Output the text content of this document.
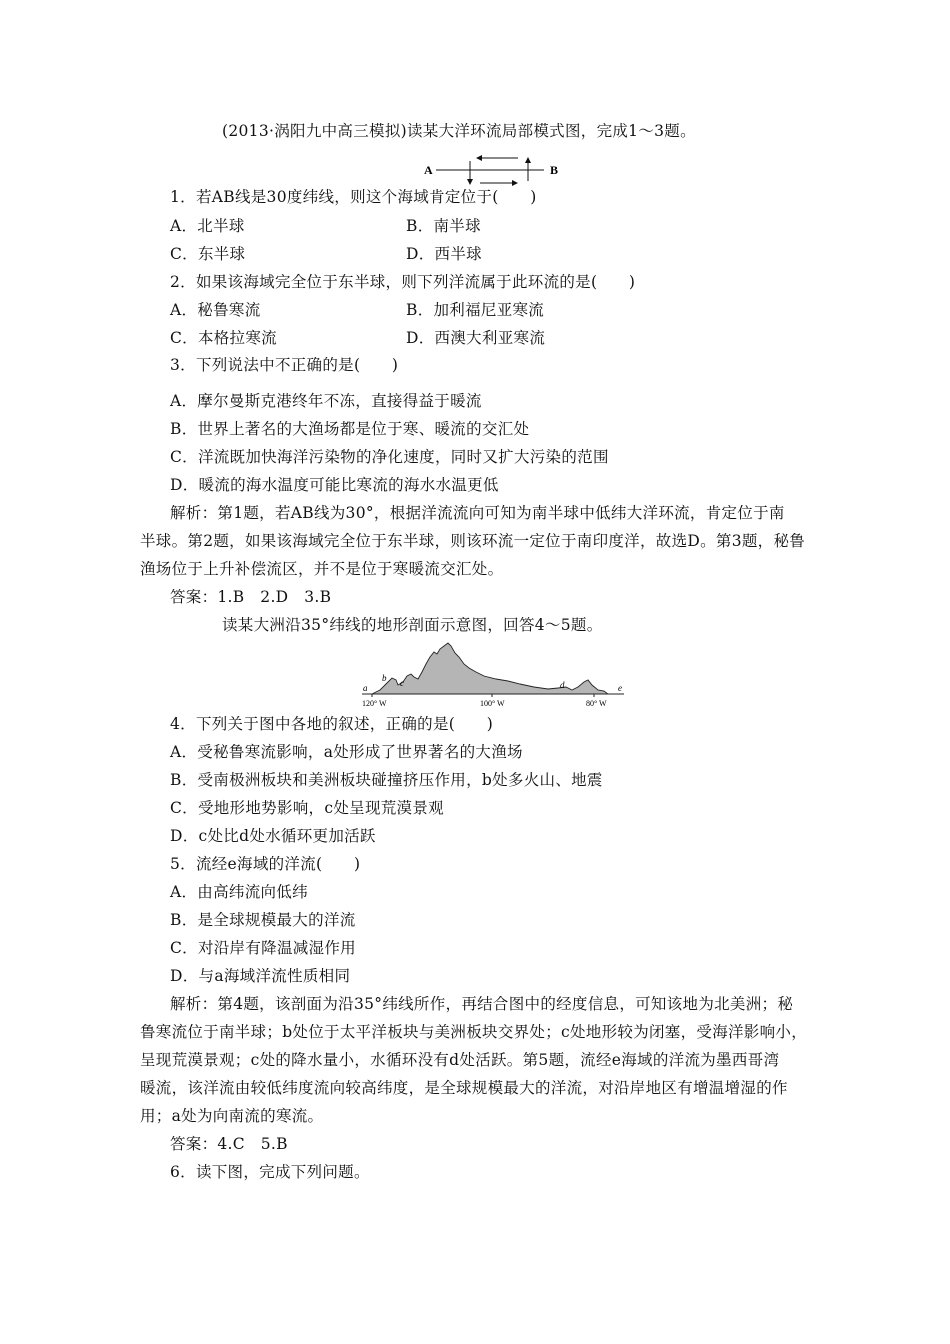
(2013·涡阳九中高三模拟)读某大洋环流局部模式图，完成1～3题。
A	B
1．若AB线是30度纬线，则这个海域肯定位于(　　)
A．北半球	B．南半球
C．东半球	D．西半球
2．如果该海域完全位于东半球，则下列洋流属于此环流的是(　　)
A．秘鲁寒流	B．加利福尼亚寒流
C．本格拉寒流	D．西澳大利亚寒流
3．下列说法中不正确的是(　　)
A．摩尔曼斯克港终年不冻，直接得益于暖流
B．世界上著名的大渔场都是位于寒、暖流的交汇处
C．洋流既加快海洋污染物的净化速度，同时又扩大污染的范围
D．暖流的海水温度可能比寒流的海水水温更低
解析：第1题，若AB线为30°，根据洋流流向可知为南半球中低纬大洋环流，肯定位于南
半球。第2题，如果该海域完全位于东半球，则该环流一定位于南印度洋，故选D。第3题，秘鲁
渔场位于上升补偿流区，并不是位于寒暖流交汇处。
答案：1.B　2.D　3.B
读某大洲沿35°纬线的地形剖面示意图，回答4～5题。
a
b c	d	e
120° W	100° W	80° W
4．下列关于图中各地的叙述，正确的是(　　)
A．受秘鲁寒流影响，a处形成了世界著名的大渔场
B．受南极洲板块和美洲板块碰撞挤压作用，b处多火山、地震
C．受地形地势影响，c处呈现荒漠景观
D．c处比d处水循环更加活跃
5．流经e海域的洋流(　　)
A．由高纬流向低纬
B．是全球规模最大的洋流
C．对沿岸有降温减湿作用
D．与a海域洋流性质相同
解析：第4题，该剖面为沿35°纬线所作，再结合图中的经度信息，可知该地为北美洲；秘
鲁寒流位于南半球；b处位于太平洋板块与美洲板块交界处；c处地形较为闭塞，受海洋影响小，
呈现荒漠景观；c处的降水量小，水循环没有d处活跃。第5题，流经e海域的洋流为墨西哥湾
暖流，该洋流由较低纬度流向较高纬度，是全球规模最大的洋流，对沿岸地区有增温增湿的作
用；a处为向南流的寒流。
答案：4.C　5.B
6．读下图，完成下列问题。
